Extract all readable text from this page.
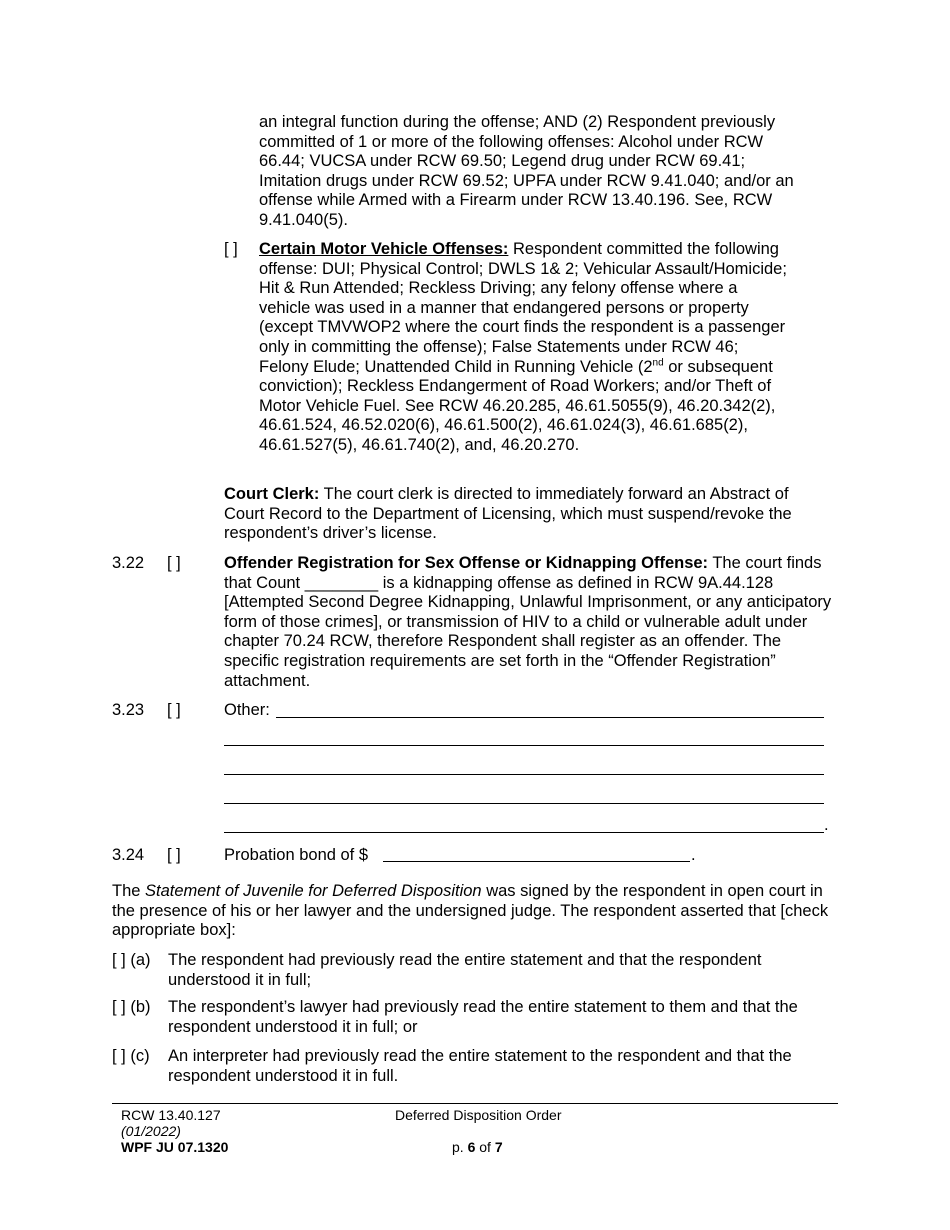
an integral function during the offense; AND (2) Respondent previously committed of 1 or more of the following offenses: Alcohol under RCW 66.44; VUCSA under RCW 69.50; Legend drug under RCW 69.41; Imitation drugs under RCW 69.52; UPFA under RCW 9.41.040; and/or an offense while Armed with a Firearm under RCW 13.40.196. See, RCW 9.41.040(5).

[ ] Certain Motor Vehicle Offenses: Respondent committed the following offense: DUI; Physical Control; DWLS 1& 2; Vehicular Assault/Homicide; Hit & Run Attended; Reckless Driving; any felony offense where a vehicle was used in a manner that endangered persons or property (except TMVWOP2 where the court finds the respondent is a passenger only in committing the offense); False Statements under RCW 46; Felony Elude; Unattended Child in Running Vehicle (2nd or subsequent conviction); Reckless Endangerment of Road Workers; and/or Theft of Motor Vehicle Fuel. See RCW 46.20.285, 46.61.5055(9), 46.20.342(2), 46.61.524, 46.52.020(6), 46.61.500(2), 46.61.024(3), 46.61.685(2), 46.61.527(5), 46.61.740(2), and, 46.20.270.

Court Clerk: The court clerk is directed to immediately forward an Abstract of Court Record to the Department of Licensing, which must suspend/revoke the respondent’s driver’s license.

3.22 [ ]	Offender Registration for Sex Offense or Kidnapping Offense: The court finds that Count ________ is a kidnapping offense as defined in RCW 9A.44.128 [Attempted Second Degree Kidnapping, Unlawful Imprisonment, or any anticipatory form of those crimes], or transmission of HIV to a child or vulnerable adult under chapter 70.24 RCW, therefore Respondent shall register as an offender. The specific registration requirements are set forth in the “Offender Registration” attachment.

3.23 [ ]	Other:
.
3.24 [ ]	Probation bond of $	.

The Statement of Juvenile for Deferred Disposition was signed by the respondent in open court in the presence of his or her lawyer and the undersigned judge. The respondent asserted that [check appropriate box]:

[ ] (a) The respondent had previously read the entire statement and that the respondent understood it in full;

[ ] (b) The respondent’s lawyer had previously read the entire statement to them and that the respondent understood it in full; or

[ ] (c) An interpreter had previously read the entire statement to the respondent and that the respondent understood it in full.

RCW 13.40.127
(01/2022)
WPF JU 07.1320
Deferred Disposition Order
p. 6 of 7
